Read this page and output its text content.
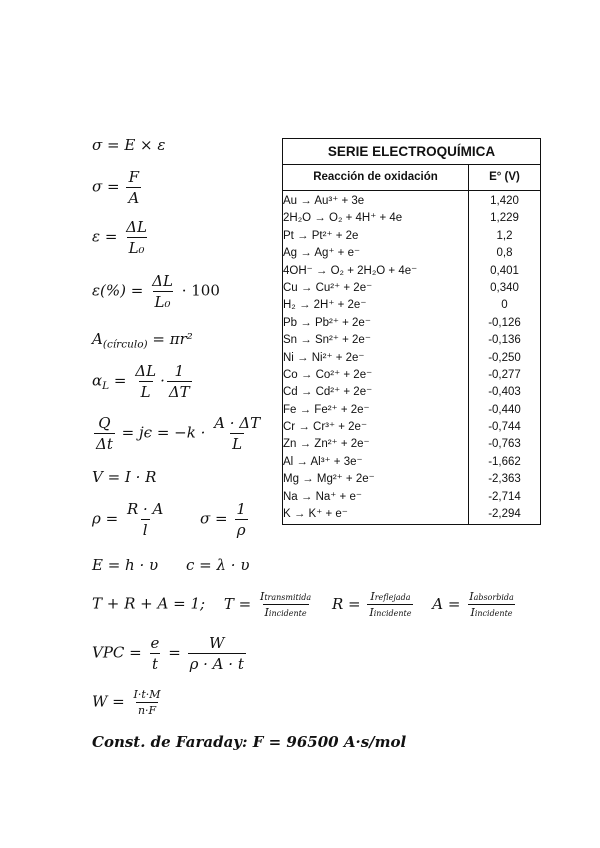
σ = E × ε
$\sigma = \frac{F}{A}$
$\varepsilon = \frac{\Delta L}{\text{L₀}}$
$\varepsilon(\%) = \frac{\Delta L}{\text{L₀}} \cdot 100$
$A_{(círculo)} = \pi r^2$
$\alpha_L = \frac{\Delta L}{L} \cdot \frac{1}{\Delta T}$
$\frac{Q}{\Delta t} = j\epsilon = -k \cdot \frac{A \cdot \Delta T}{L}$
V = I · R
$\rho = \frac{R \cdot A}{l}$ $\sigma = \frac{1}{\rho}$
E = h · υ c = λ · υ
T + R + A = 1; $T = \frac{\text{Itransmitida}}{\text{Iincidente}}$ $R = \frac{\text{Ireflejada}}{\text{Iincidente}}$ $A = \frac{\text{Iabsorbida}}{\text{Iincidente}}$
VPC = $\frac{e}{t} = \frac{W}{\rho \cdot A \cdot t}$
$W = \frac{I\cdot t\cdot M}{n\cdot F}$
Const. de Faraday: F = 96500 A·s/mol
SERIE ELECTROQUÍMICA
Reacción de oxidación	E° (V)
Au → Au³⁺ + 3e
2H₂O → O₂ + 4H⁺ + 4e
Pt → Pt²⁺ + 2e
Ag → Ag⁺ + e⁻
4OH⁻ → O₂ + 2H₂O + 4e⁻
Cu → Cu²⁺ + 2e⁻
H₂ → 2H⁺ + 2e⁻
Pb → Pb²⁺ + 2e⁻
Sn → Sn²⁺ + 2e⁻
Ni → Ni²⁺ + 2e⁻
Co → Co²⁺ + 2e⁻
Cd → Cd²⁺ + 2e⁻
Fe → Fe²⁺ + 2e⁻
Cr → Cr³⁺ + 2e⁻
Zn → Zn²⁺ + 2e⁻
Al → Al³⁺ + 3e⁻
Mg → Mg²⁺ + 2e⁻
Na → Na⁺ + e⁻
K → K⁺ + e⁻
1,420
1,229
1,2
0,8
0,401
0,340
0
-0,126
-0,136
-0,250
-0,277
-0,403
-0,440
-0,744
-0,763
-1,662
-2,363
-2,714
-2,294
